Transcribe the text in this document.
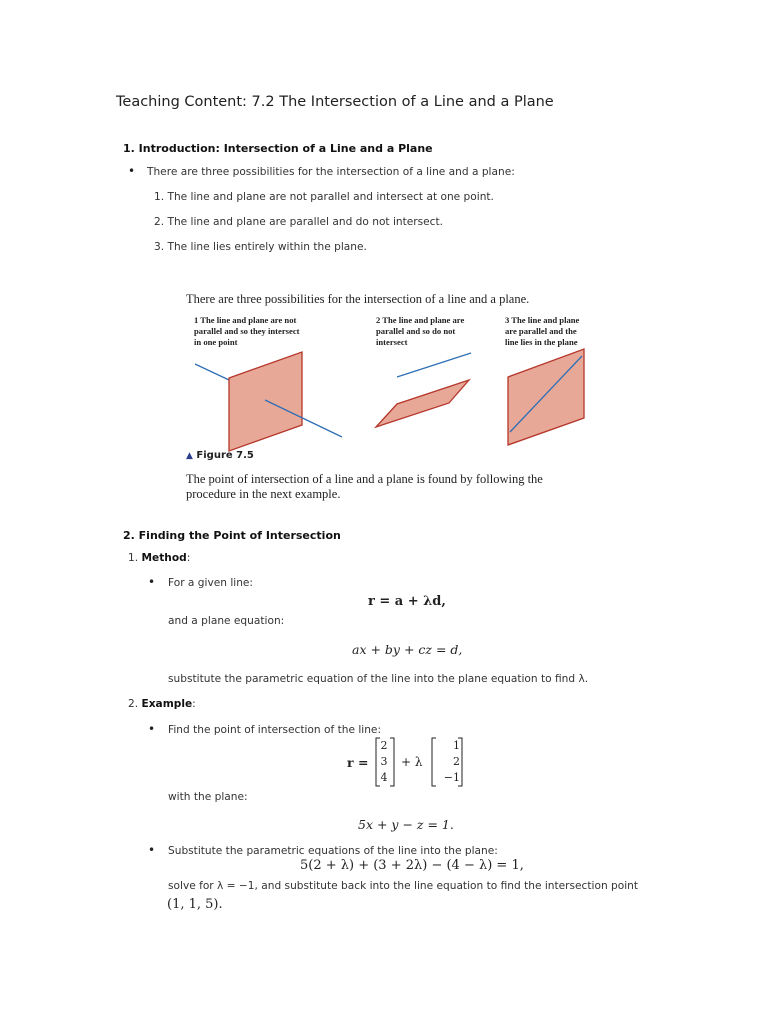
Teaching Content: 7.2 The Intersection of a Line and a Plane
1. Introduction: Intersection of a Line and a Plane
• There are three possibilities for the intersection of a line and a plane:
1. The line and plane are not parallel and intersect at one point.
2. The line and plane are parallel and do not intersect.
3. The line lies entirely within the plane.
There are three possibilities for the intersection of a line and a plane.
1 The line and plane are not
parallel and so they intersect
in one point
2 The line and plane are
parallel and so do not
intersect
3 The line and plane
are parallel and the
line lies in the plane
▲ Figure 7.5
The point of intersection of a line and a plane is found by following the
procedure in the next example.
2. Finding the Point of Intersection
1. Method:
• For a given line:
r = a + λd,
and a plane equation:
ax + by + cz = d,
substitute the parametric equation of the line into the plane equation to find λ.
2. Example:
• Find the point of intersection of the line:
r =
2
3
4
+ λ
1
2
−1
with the plane:
5x + y − z = 1.
• Substitute the parametric equations of the line into the plane:
5(2 + λ) + (3 + 2λ) − (4 − λ) = 1,
solve for λ = −1, and substitute back into the line equation to find the intersection point
(1, 1, 5).
